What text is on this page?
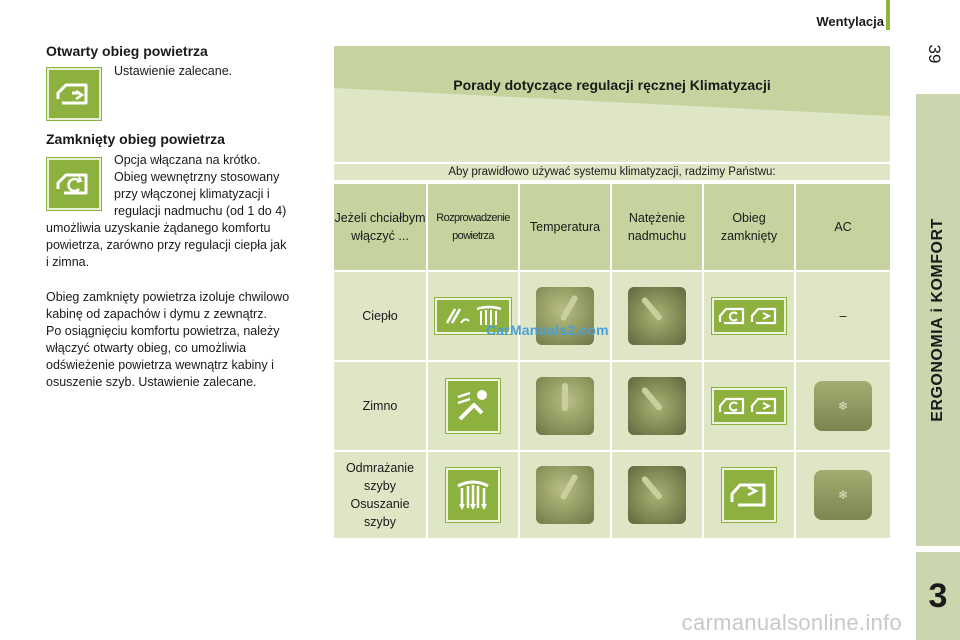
Wentylacja
39
ERGONOMIA i KOMFORT
3
Otwarty obieg powietrza
Ustawienie zalecane.
Zamknięty obieg powietrza
Opcja włączana na krótko.
Obieg wewnętrzny stosowany
przy włączonej klimatyzacji i
regulacji nadmuchu (od 1 do 4)
umożliwia uzyskanie żądanego komfortu
powietrza, zarówno przy regulacji ciepła jak
i zimna.
Obieg zamknięty powietrza izoluje chwilowo
kabinę od zapachów i dymu z zewnątrz.
Po osiągnięciu komfortu powietrza, należy
włączyć otwarty obieg, co umożliwia
odświeżenie powietrza wewnątrz kabiny i
osuszenie szyb. Ustawienie zalecane.
Porady dotyczące regulacji ręcznej Klimatyzacji
Aby prawidłowo używać systemu klimatyzacji, radzimy Państwu:
Jeżeli chciałbym włączyć ...
Rozprowadzenie powietrza
Temperatura
Natężenie nadmuchu
Obieg zamknięty
AC
Ciepło	–
Zimno	❄
Odmrażanie szyby Osuszanie szyby
❄
CarManuals2.com
carmanualsonline.info
